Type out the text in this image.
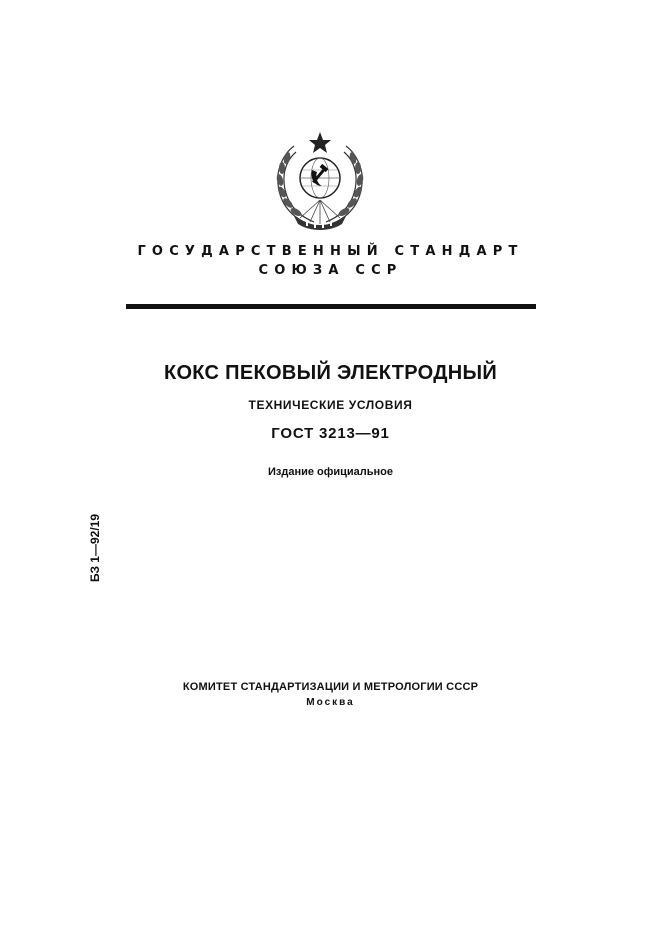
ГОСУДАРСТВЕННЫЙ СТАНДАРТ
СОЮЗА ССР
КОКС ПЕКОВЫЙ ЭЛЕКТРОДНЫЙ
ТЕХНИЧЕСКИЕ УСЛОВИЯ
ГОСТ 3213—91
Издание официальное
БЗ 1—92/19
КОМИТЕТ СТАНДАРТИЗАЦИИ И МЕТРОЛОГИИ СССР
Москва
